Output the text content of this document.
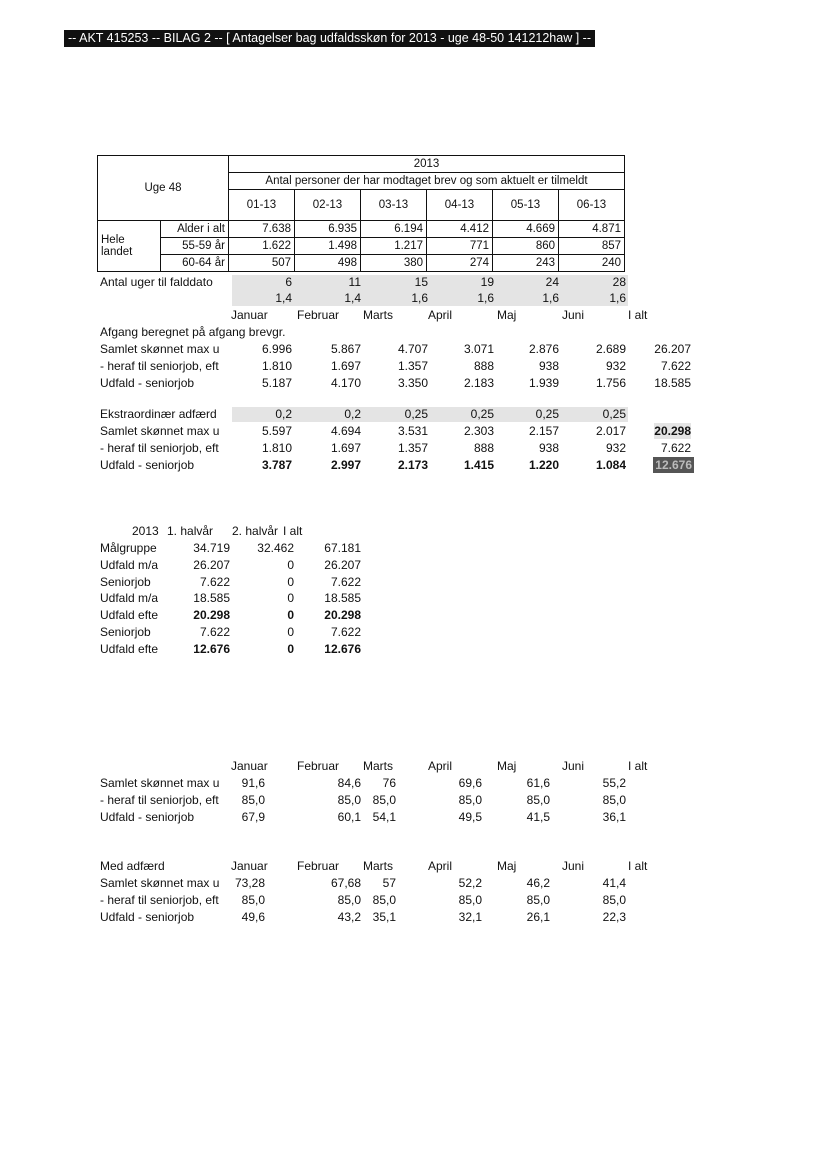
-- AKT 415253 -- BILAG 2 -- [ Antagelser bag udfaldsskøn for 2013 - uge 48-50 141212haw ] --
Uge 48		2013					
		Antal personer der har modtaget brev og som aktuelt er tilmeldt					
		01-13	02-13	03-13	04-13	05-13	06-13
Hele landet	Alder i alt	7.638	6.935	6.194	4.412	4.669	4.871
	55-59 år	1.622	1.498	1.217	771	860	857
	60-64 år	507	498	380	274	243	240
Antal uger til falddato	6	11	15	19	24	28
1,4	1,4	1,6	1,6	1,6	1,6
Januar Februar Marts	April	Maj	Juni	I alt
Afgang beregnet på afgang brevgr.
Samlet skønnet max u	6.996	5.867	4.707	3.071	2.876	2.689 26.207
- heraf til seniorjob, eft	1.810	1.697	1.357	888	938	932	7.622
Udfald - seniorjob	5.187	4.170	3.350	2.183	1.939	1.756 18.585
Ekstraordinær adfærd	0,2	0,2	0,25	0,25	0,25	0,25
Samlet skønnet max u	5.597	4.694	3.531	2.303	2.157	2.017 20.298
- heraf til seniorjob, eft	1.810	1.697	1.357	888	938	932	7.622
Udfald - seniorjob	3.787	2.997	2.173	1.415	1.220	1.084 12.676
2013 1. halvår 2. halvår I alt
Målgruppe	34.719 32.462	67.181
Udfald m/a	26.207	0	26.207
Seniorjob	7.622	0	7.622
Udfald m/a	18.585	0	18.585
Udfald efte	20.298	0	20.298
Seniorjob	7.622	0	7.622
Udfald efte	12.676	0	12.676
Januar Februar Marts	April	Maj	Juni	I alt
Samlet skønnet max u 91,6	84,6 76	69,6	61,6	55,2
- heraf til seniorjob, eft 85,0	85,0 85,0	85,0	85,0	85,0
Udfald - seniorjob	67,9	60,1 54,1	49,5	41,5	36,1
Med adfærd	Januar Februar Marts	April	Maj	Juni	I alt
Samlet skønnet max u 73,28	67,68 57	52,2	46,2	41,4
- heraf til seniorjob, eft 85,0	85,0 85,0	85,0	85,0	85,0
Udfald - seniorjob	49,6	43,2 35,1	32,1	26,1	22,3
